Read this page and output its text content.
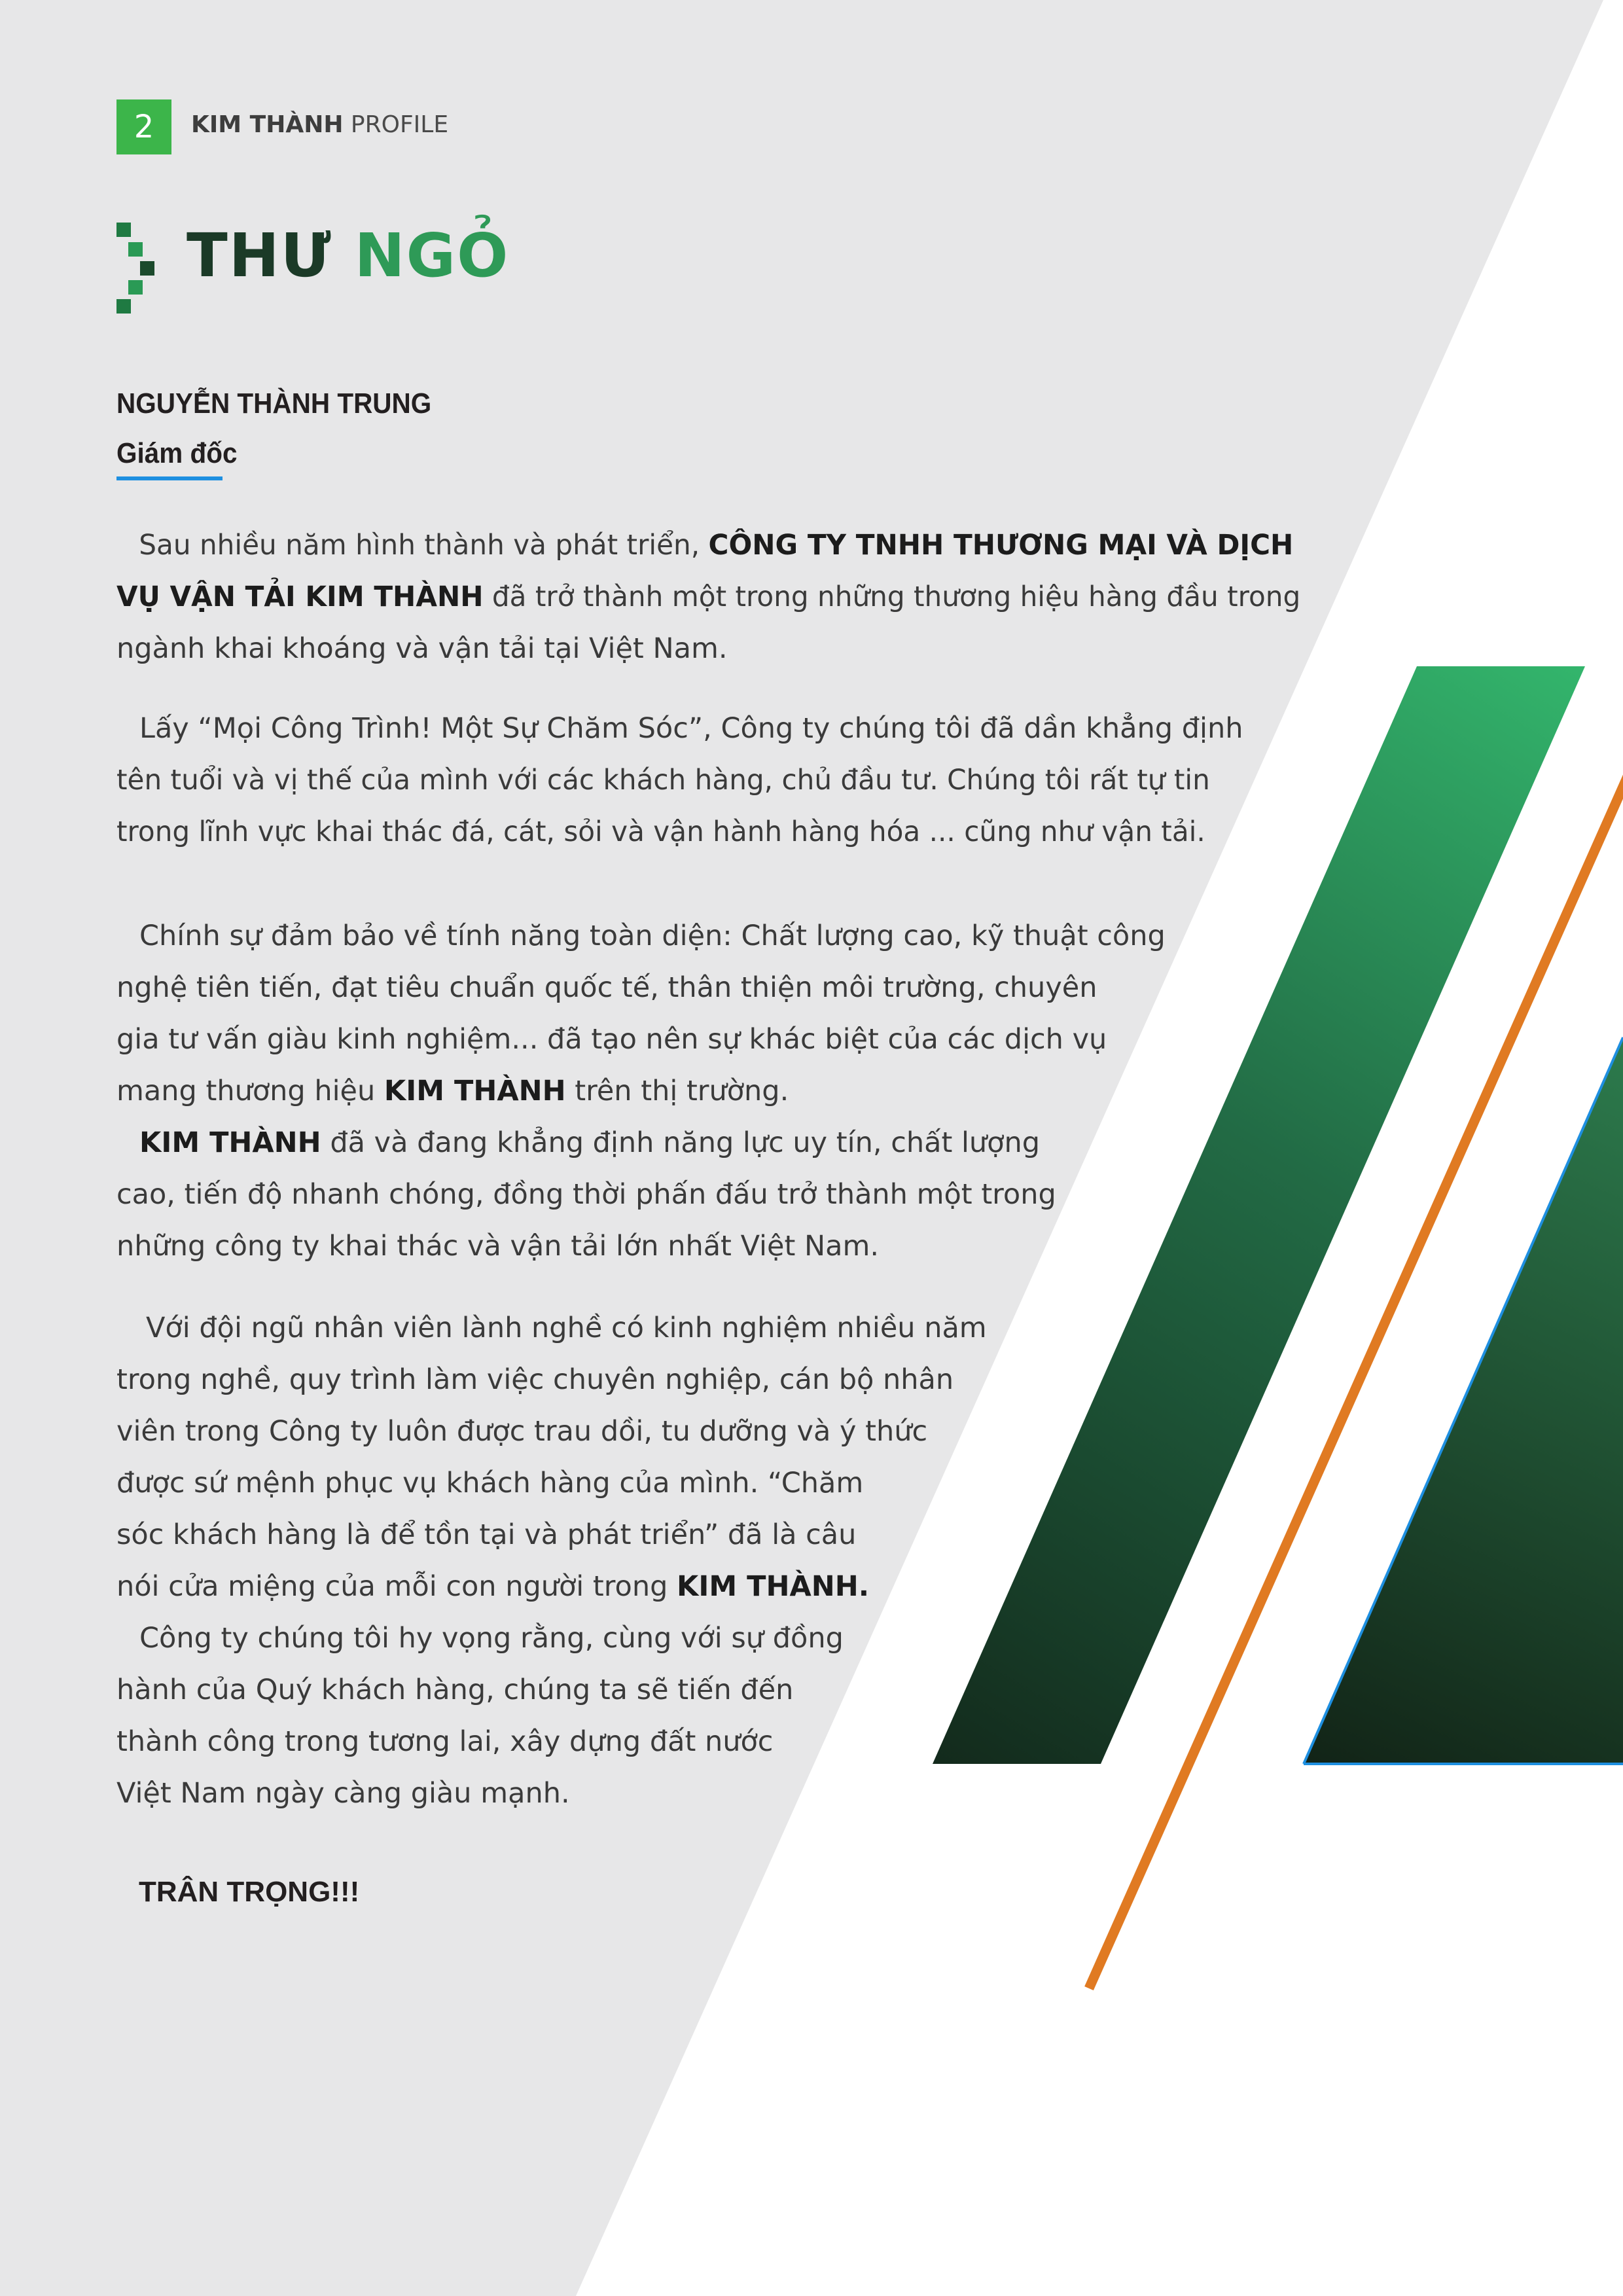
2	KIM THÀNH PROFILE
THƯ NGỎ
NGUYỄN THÀNH TRUNG
Giám đốc
Sau nhiều năm hình thành và phát triển, CÔNG TY TNHH THƯƠNG MẠI VÀ DỊCH
VỤ VẬN TẢI KIM THÀNH đã trở thành một trong những thương hiệu hàng đầu trong
ngành khai khoáng và vận tải tại Việt Nam.
Lấy “Mọi Công Trình! Một Sự Chăm Sóc”, Công ty chúng tôi đã dần khẳng định
tên tuổi và vị thế của mình với các khách hàng, chủ đầu tư. Chúng tôi rất tự tin
trong lĩnh vực khai thác đá, cát, sỏi và vận hành hàng hóa ... cũng như vận tải.
Chính sự đảm bảo về tính năng toàn diện: Chất lượng cao, kỹ thuật công
nghệ tiên tiến, đạt tiêu chuẩn quốc tế, thân thiện môi trường, chuyên
gia tư vấn giàu kinh nghiệm... đã tạo nên sự khác biệt của các dịch vụ
mang thương hiệu KIM THÀNH trên thị trường.
KIM THÀNH đã và đang khẳng định năng lực uy tín, chất lượng
cao, tiến độ nhanh chóng, đồng thời phấn đấu trở thành một trong
những công ty khai thác và vận tải lớn nhất Việt Nam.
Với đội ngũ nhân viên lành nghề có kinh nghiệm nhiều năm
trong nghề, quy trình làm việc chuyên nghiệp, cán bộ nhân
viên trong Công ty luôn được trau dồi, tu dưỡng và ý thức
được sứ mệnh phục vụ khách hàng của mình. “Chăm
sóc khách hàng là để tồn tại và phát triển” đã là câu
nói cửa miệng của mỗi con người trong KIM THÀNH.
Công ty chúng tôi hy vọng rằng, cùng với sự đồng
hành của Quý khách hàng, chúng ta sẽ tiến đến
thành công trong tương lai, xây dựng đất nước
Việt Nam ngày càng giàu mạnh.
TRÂN TRỌNG!!!
